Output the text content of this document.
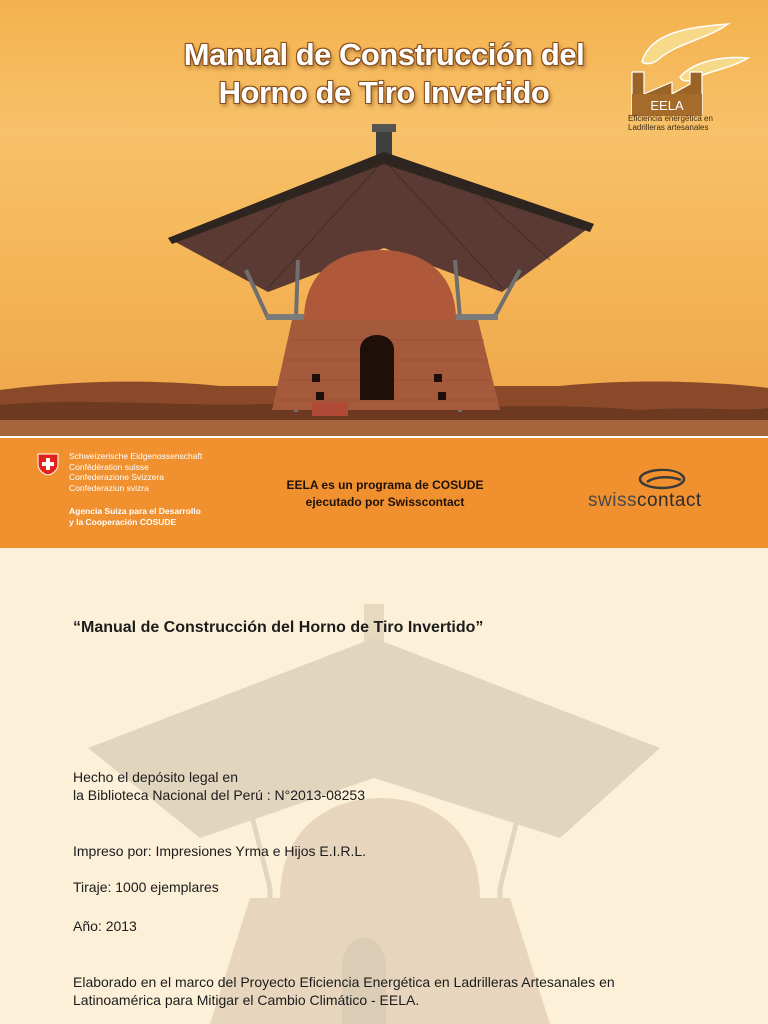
Manual de Construcción del
Horno de Tiro Invertido	EELA
Eficiencia energética en
Ladrilleras artesanales
Schweizerische Eidgenossenschaft
Confédération suisse
Confederazione Svizzera
Confederaziun svizra
Agencia Suiza para el Desarrollo
y la Cooperación COSUDE
EELA es un programa de COSUDE
ejecutado por Swisscontact	swisscontact

“Manual de Construcción del Horno de Tiro Invertido”

Hecho el depósito legal en
la Biblioteca Nacional del Perú : N°2013-08253

Impreso por: Impresiones Yrma e Hijos E.I.R.L.

Tiraje: 1000 ejemplares

Año: 2013

Elaborado en el marco del Proyecto Eficiencia Energética en Ladrilleras Artesanales en
Latinoamérica para Mitigar el Cambio Climático - EELA.
